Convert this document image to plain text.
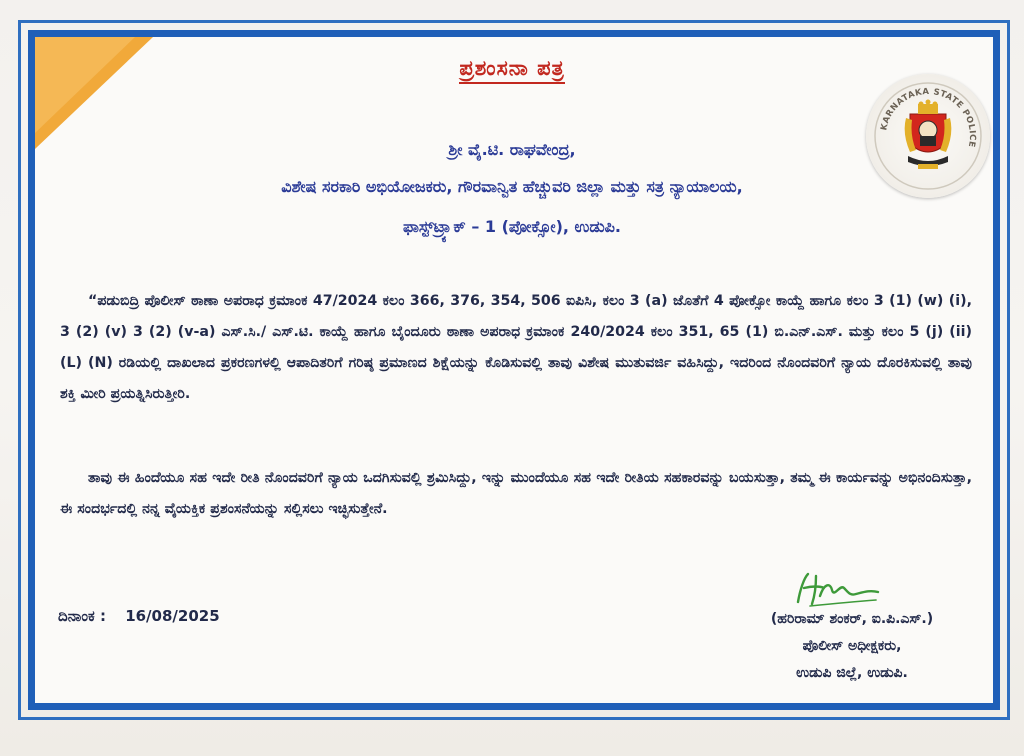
ಪ್ರಶಂಸನಾ ಪತ್ರ
ಶ್ರೀ ವೈ.ಟಿ. ರಾಘವೇಂದ್ರ,
ವಿಶೇಷ ಸರಕಾರಿ ಅಭಿಯೋಜಕರು, ಗೌರವಾನ್ವಿತ ಹೆಚ್ಚುವರಿ ಜಿಲ್ಲಾ ಮತ್ತು ಸತ್ರ ನ್ಯಾಯಾಲಯ,
ಫಾಸ್ಟ್‌ಟ್ರ್ಯಾಕ್ – 1 (ಪೋಕ್ಸೋ), ಉಡುಪಿ.
KARNATAKA STATE POLICE
“ಪಡುಬಿದ್ರಿ ಪೊಲೀಸ್ ಠಾಣಾ ಅಪರಾಧ ಕ್ರಮಾಂಕ 47/2024 ಕಲಂ 366, 376, 354, 506 ಐಪಿಸಿ, ಕಲಂ 3 (a) ಜೊತೆಗೆ 4 ಪೋಕ್ಸೋ ಕಾಯ್ದೆ ಹಾಗೂ ಕಲಂ 3 (1) (w) (i), 3 (2) (v) 3 (2) (v-a) ಎಸ್.ಸಿ./ ಎಸ್.ಟಿ. ಕಾಯ್ದೆ ಹಾಗೂ ಬೈಂದೂರು ಠಾಣಾ ಅಪರಾಧ ಕ್ರಮಾಂಕ 240/2024 ಕಲಂ 351, 65 (1) ಬಿ.ಎನ್.ಎಸ್. ಮತ್ತು ಕಲಂ 5 (j) (ii) (L) (N) ರಡಿಯಲ್ಲಿ ದಾಖಲಾದ ಪ್ರಕರಣಗಳಲ್ಲಿ ಆಪಾದಿತರಿಗೆ ಗರಿಷ್ಠ ಪ್ರಮಾಣದ ಶಿಕ್ಷೆಯನ್ನು ಕೊಡಿಸುವಲ್ಲಿ ತಾವು ವಿಶೇಷ ಮುತುವರ್ಜಿ ವಹಿಸಿದ್ದು, ಇದರಿಂದ ನೊಂದವರಿಗೆ ನ್ಯಾಯ ದೊರಕಿಸುವಲ್ಲಿ ತಾವು ಶಕ್ತಿ ಮೀರಿ ಪ್ರಯತ್ನಿಸಿರುತ್ತೀರಿ.
ತಾವು ಈ ಹಿಂದೆಯೂ ಸಹ ಇದೇ ರೀತಿ ನೊಂದವರಿಗೆ ನ್ಯಾಯ ಒದಗಿಸುವಲ್ಲಿ ಶ್ರಮಿಸಿದ್ದು, ಇನ್ನು ಮುಂದೆಯೂ ಸಹ ಇದೇ ರೀತಿಯ ಸಹಕಾರವನ್ನು ಬಯಸುತ್ತಾ, ತಮ್ಮ ಈ ಕಾರ್ಯವನ್ನು ಅಭಿನಂದಿಸುತ್ತಾ, ಈ ಸಂದರ್ಭದಲ್ಲಿ ನನ್ನ ವೈಯಕ್ತಿಕ ಪ್ರಶಂಸನೆಯನ್ನು ಸಲ್ಲಿಸಲು ಇಚ್ಛಿಸುತ್ತೇನೆ.
ದಿನಾಂಕ : 16/08/2025	(ಹರಿರಾಮ್ ಶಂಕರ್, ಐ.ಪಿ.ಎಸ್.)
ಪೊಲೀಸ್ ಅಧೀಕ್ಷಕರು,
ಉಡುಪಿ ಜಿಲ್ಲೆ, ಉಡುಪಿ.
